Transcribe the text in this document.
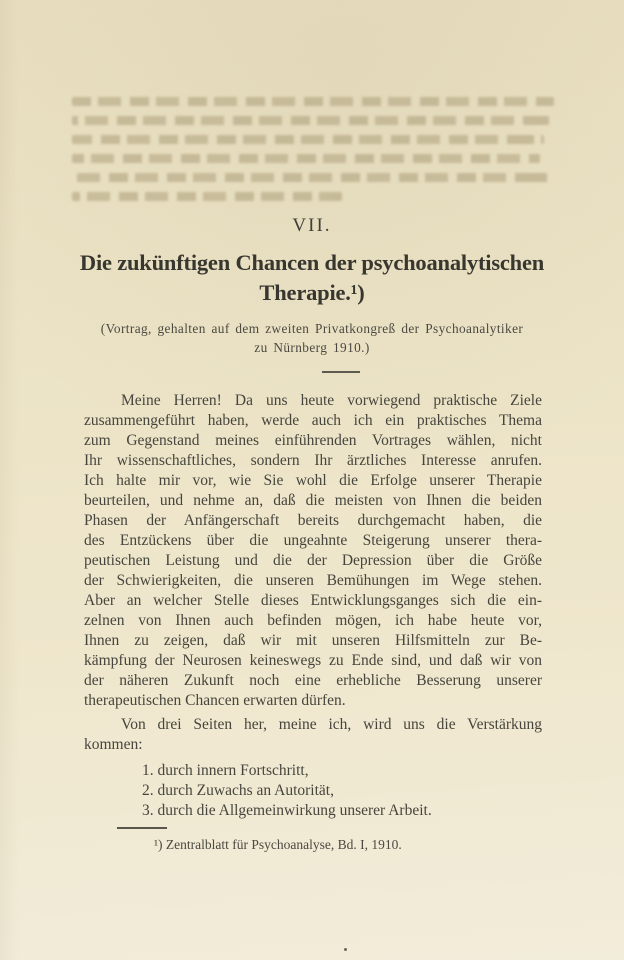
VII.
Die zukünftigen Chancen der psychoanalytischen
Therapie.¹)
(Vortrag, gehalten auf dem zweiten Privatkongreß der Psychoanalytiker
zu Nürnberg 1910.)
Meine Herren! Da uns heute vorwiegend praktische Ziele
zusammengeführt haben, werde auch ich ein praktisches Thema
zum Gegenstand meines einführenden Vortrages wählen, nicht
Ihr wissenschaftliches, sondern Ihr ärztliches Interesse anrufen.
Ich halte mir vor, wie Sie wohl die Erfolge unserer Therapie
beurteilen, und nehme an, daß die meisten von Ihnen die beiden
Phasen der Anfängerschaft bereits durchgemacht haben, die
des Entzückens über die ungeahnte Steigerung unserer thera-
peutischen Leistung und die der Depression über die Größe
der Schwierigkeiten, die unseren Bemühungen im Wege stehen.
Aber an welcher Stelle dieses Entwicklungsganges sich die ein-
zelnen von Ihnen auch befinden mögen, ich habe heute vor,
Ihnen zu zeigen, daß wir mit unseren Hilfsmitteln zur Be-
kämpfung der Neurosen keineswegs zu Ende sind, und daß wir von
der näheren Zukunft noch eine erhebliche Besserung unserer
therapeutischen Chancen erwarten dürfen.
Von drei Seiten her, meine ich, wird uns die Verstärkung
kommen:
1. durch innern Fortschritt,
2. durch Zuwachs an Autorität,
3. durch die Allgemeinwirkung unserer Arbeit.
¹) Zentralblatt für Psychoanalyse, Bd. I, 1910.
